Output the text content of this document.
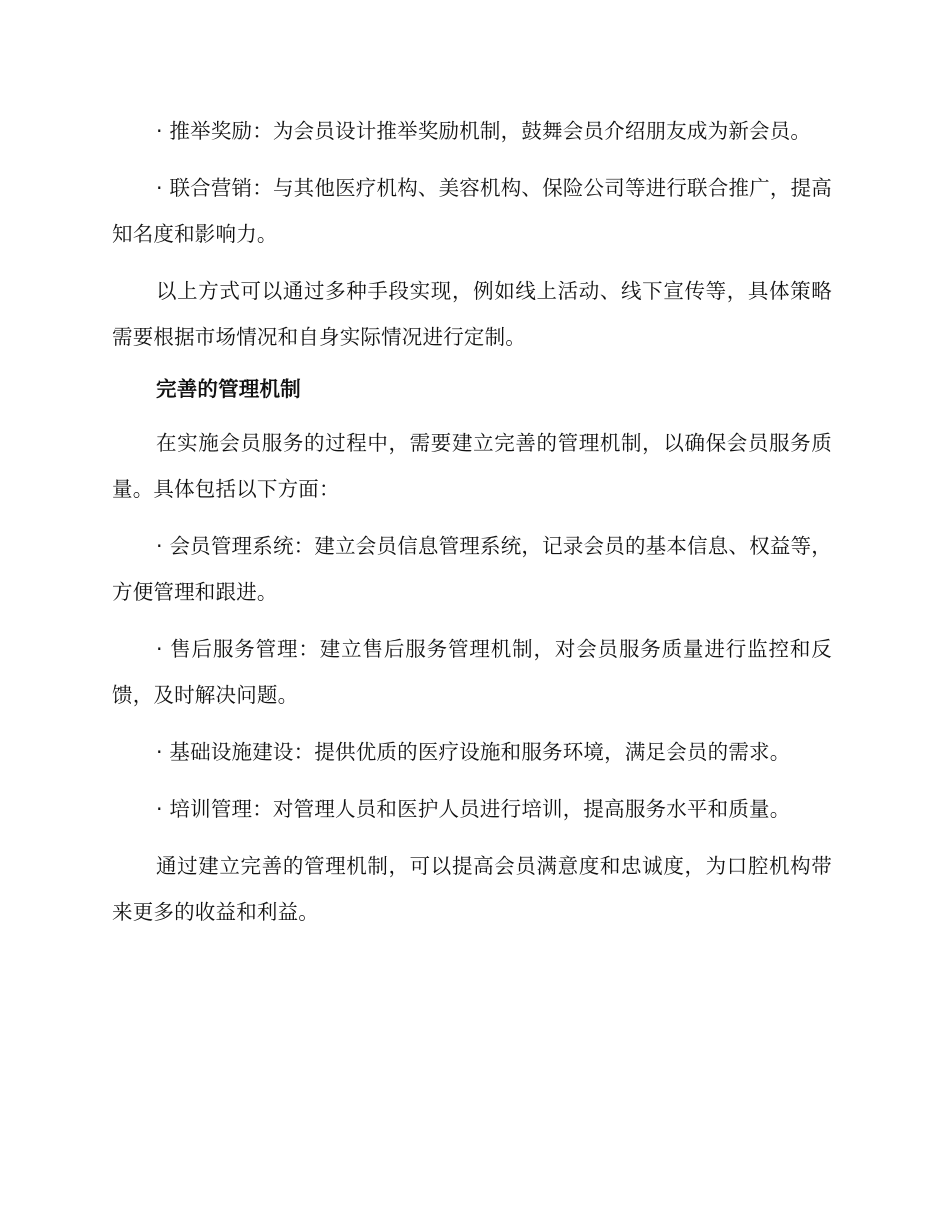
· 推举奖励：为会员设计推举奖励机制，鼓舞会员介绍朋友成为新会员。

· 联合营销：与其他医疗机构、美容机构、保险公司等进行联合推广，提高知名度和影响力。

以上方式可以通过多种手段实现，例如线上活动、线下宣传等，具体策略需要根据市场情况和自身实际情况进行定制。

完善的管理机制

在实施会员服务的过程中，需要建立完善的管理机制，以确保会员服务质量。具体包括以下方面：

· 会员管理系统：建立会员信息管理系统，记录会员的基本信息、权益等，方便管理和跟进。

· 售后服务管理：建立售后服务管理机制，对会员服务质量进行监控和反馈，及时解决问题。

· 基础设施建设：提供优质的医疗设施和服务环境，满足会员的需求。

· 培训管理：对管理人员和医护人员进行培训，提高服务水平和质量。

通过建立完善的管理机制，可以提高会员满意度和忠诚度，为口腔机构带来更多的收益和利益。
